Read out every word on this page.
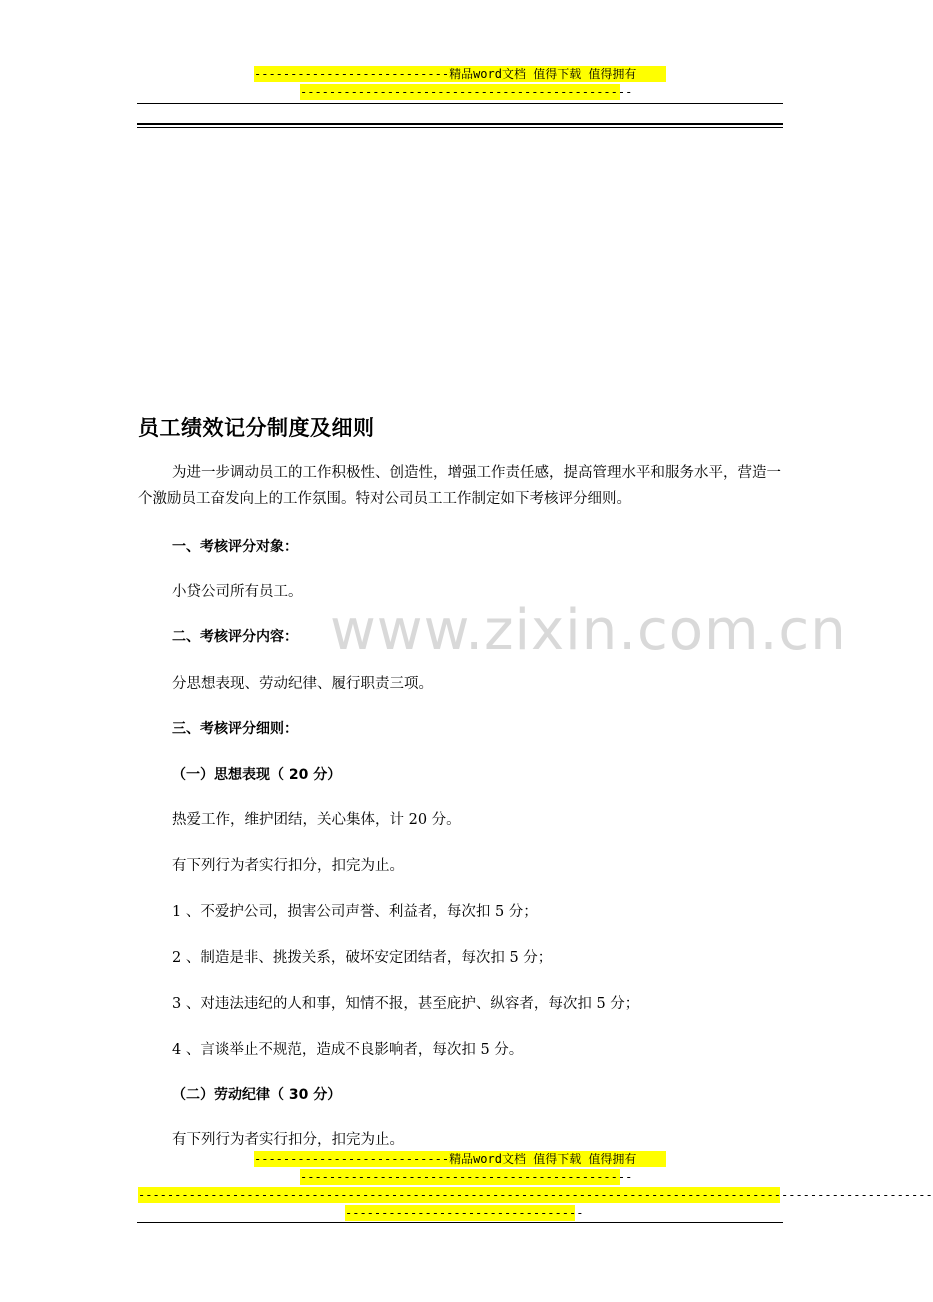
---------------------------精品word文档 值得下载 值得拥有
----------------------------------------------
www.zixin.com.cn
员工绩效记分制度及细则
为进一步调动员工的工作积极性、创造性，增强工作责任感，提高管理水平和服务水平，营造一个激励员工奋发向上的工作氛围。特对公司员工工作制定如下考核评分细则。
一、考核评分对象：
小贷公司所有员工。
二、考核评分内容：
分思想表现、劳动纪律、履行职责三项。
三、考核评分细则：
（一）思想表现（ 20 分）
热爱工作，维护团结，关心集体，计 20 分。
有下列行为者实行扣分，扣完为止。
1 、不爱护公司，损害公司声誉、利益者，每次扣 5 分；
2 、制造是非、挑拨关系，破坏安定团结者，每次扣 5 分；
3 、对违法违纪的人和事，知情不报，甚至庇护、纵容者，每次扣 5 分；
4 、言谈举止不规范，造成不良影响者，每次扣 5 分。
（二）劳动纪律（ 30 分）
有下列行为者实行扣分，扣完为止。
---------------------------精品word文档 值得下载 值得拥有
----------------------------------------------
--------------------------------------------------------------------------------------------------------------
---------------------------------
